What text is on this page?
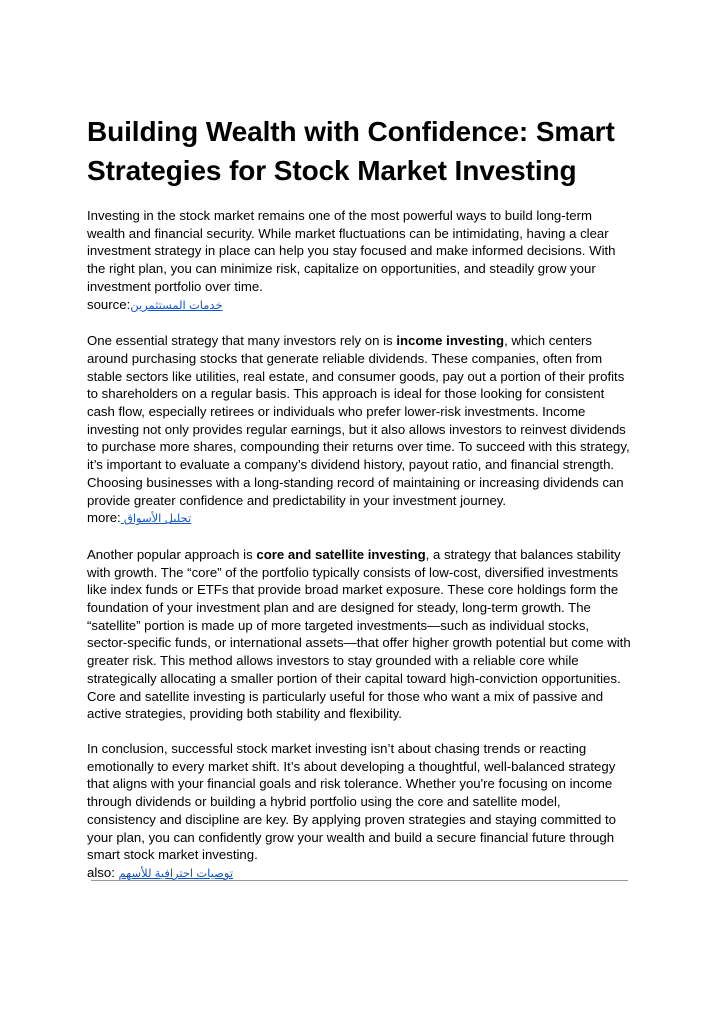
Building Wealth with Confidence: Smart Strategies for Stock Market Investing

Investing in the stock market remains one of the most powerful ways to build long-term wealth and financial security. While market fluctuations can be intimidating, having a clear investment strategy in place can help you stay focused and make informed decisions. With the right plan, you can minimize risk, capitalize on opportunities, and steadily grow your investment portfolio over time.

source:خدمات المستثمرين

One essential strategy that many investors rely on is income investing, which centers around purchasing stocks that generate reliable dividends. These companies, often from stable sectors like utilities, real estate, and consumer goods, pay out a portion of their profits to shareholders on a regular basis. This approach is ideal for those looking for consistent cash flow, especially retirees or individuals who prefer lower-risk investments. Income investing not only provides regular earnings, but it also allows investors to reinvest dividends to purchase more shares, compounding their returns over time. To succeed with this strategy, it’s important to evaluate a company’s dividend history, payout ratio, and financial strength. Choosing businesses with a long-standing record of maintaining or increasing dividends can provide greater confidence and predictability in your investment journey.

more: تحليل الأسواق

Another popular approach is core and satellite investing, a strategy that balances stability with growth. The “core” of the portfolio typically consists of low-cost, diversified investments like index funds or ETFs that provide broad market exposure. These core holdings form the foundation of your investment plan and are designed for steady, long-term growth. The “satellite” portion is made up of more targeted investments—such as individual stocks, sector-specific funds, or international assets—that offer higher growth potential but come with greater risk. This method allows investors to stay grounded with a reliable core while strategically allocating a smaller portion of their capital toward high-conviction opportunities. Core and satellite investing is particularly useful for those who want a mix of passive and active strategies, providing both stability and flexibility.

In conclusion, successful stock market investing isn’t about chasing trends or reacting emotionally to every market shift. It’s about developing a thoughtful, well-balanced strategy that aligns with your financial goals and risk tolerance. Whether you're focusing on income through dividends or building a hybrid portfolio using the core and satellite model, consistency and discipline are key. By applying proven strategies and staying committed to your plan, you can confidently grow your wealth and build a secure financial future through smart stock market investing.

also: توصيات احترافية للأسهم
